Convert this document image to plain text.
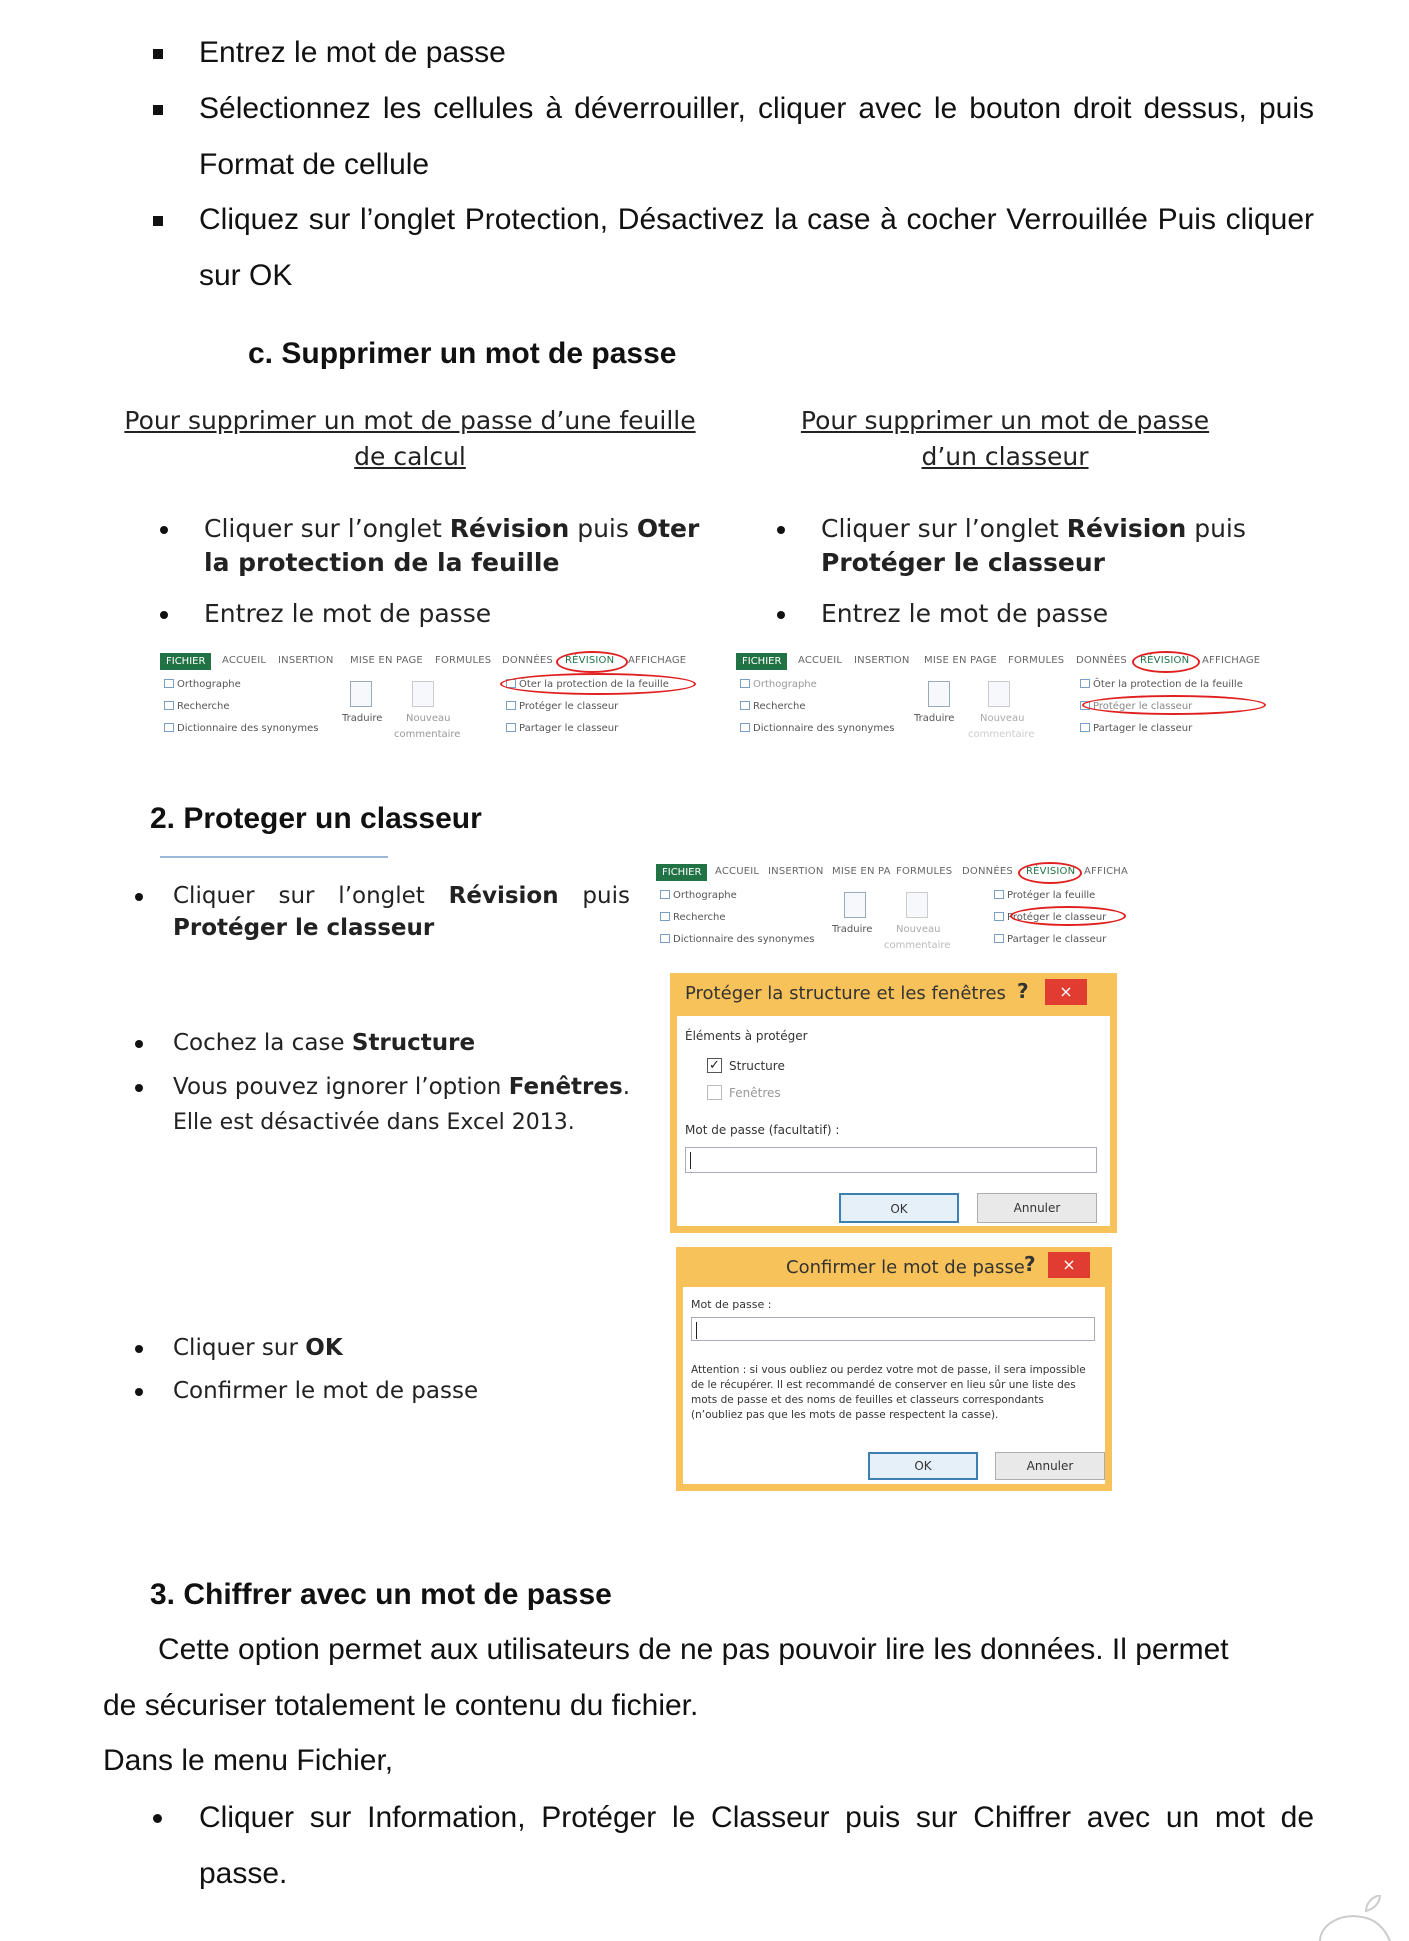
Entrez le mot de passe
Sélectionnez les cellules à déverrouiller, cliquer avec le bouton droit dessus, puis Format de cellule
Cliquez sur l’onglet Protection, Désactivez la case à cocher Verrouillée Puis cliquer sur OK
c. Supprimer un mot de passe
Pour supprimer un mot de passe d’une feuille de calcul
Pour supprimer un mot de passe d’un classeur
Cliquer sur l’onglet Révision puis Oter la protection de la feuille
Entrez le mot de passe
Cliquer sur l’onglet Révision puis Protéger le classeur
Entrez le mot de passe
FICHIER	ACCUEIL INSERTION MISE EN PAGE FORMULES DONNÉES RÉVISION AFFICHAGE
Orthographe
Recherche
Dictionnaire des synonymes
Traduire Nouveau
commentaire
Ôter la protection de la feuille
Protéger le classeur
Partager le classeur
FICHIER	ACCUEIL INSERTION MISE EN PAGE FORMULES DONNÉES RÉVISION AFFICHAGE
Orthographe
Recherche
Dictionnaire des synonymes
Traduire	Nouveau
commentaire
Ôter la protection de la feuille
Protéger le classeur
Partager le classeur
2. Proteger un classeur
Cliquer sur l’onglet Révision puis Protéger le classeur
FICHIER	ACCUEIL INSERTION MISE EN PA FORMULES DONNÉES RÉVISION AFFICHA
Orthographe
Recherche
Dictionnaire des synonymes
Traduire Nouveau
commentaire
Protéger la feuille
Protéger le classeur
Partager le classeur
Cochez la case Structure
Vous pouvez ignorer l’option Fenêtres.
Elle est désactivée dans Excel 2013.
Protéger la structure et les fenêtres ?	×
Éléments à protéger
✓ Structure
Fenêtres
Mot de passe (facultatif) :
OK	Annuler
Confirmer le mot de passe ?	×
Mot de passe :
Attention : si vous oubliez ou perdez votre mot de passe, il sera impossible de le récupérer. Il est recommandé de conserver en lieu sûr une liste des mots de passe et des noms de feuilles et classeurs correspondants (n’oubliez pas que les mots de passe respectent la casse).
OK	Annuler
Cliquer sur OK
Confirmer le mot de passe
3. Chiffrer avec un mot de passe
Cette option permet aux utilisateurs de ne pas pouvoir lire les données. Il permet
de sécuriser totalement le contenu du fichier.
Dans le menu Fichier,
Cliquer sur Information, Protéger le Classeur puis sur Chiffrer avec un mot de passe.
